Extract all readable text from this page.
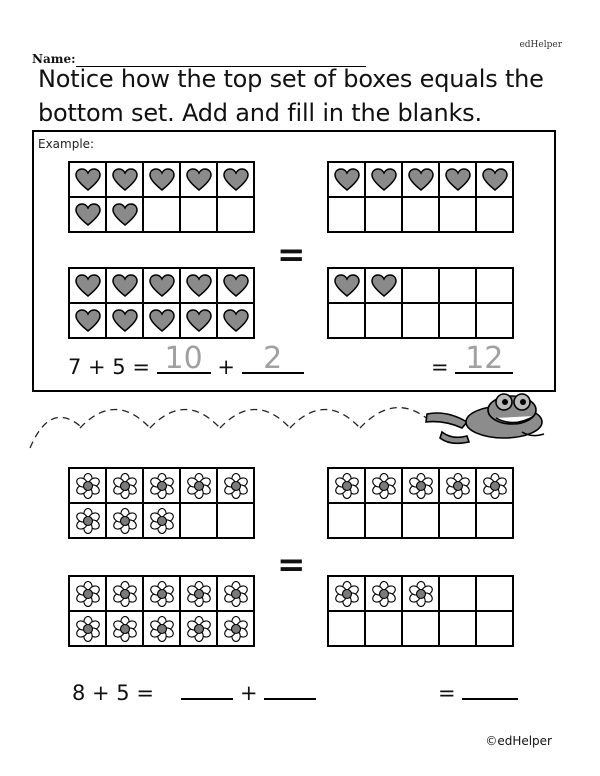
edHelper
Name:
Notice how the top set of boxes equals the bottom set. Add and fill in the blanks.
Example:
=
7 + 5 = 10 + 2	= 12
=
8 + 5 =	+	=
©edHelper
